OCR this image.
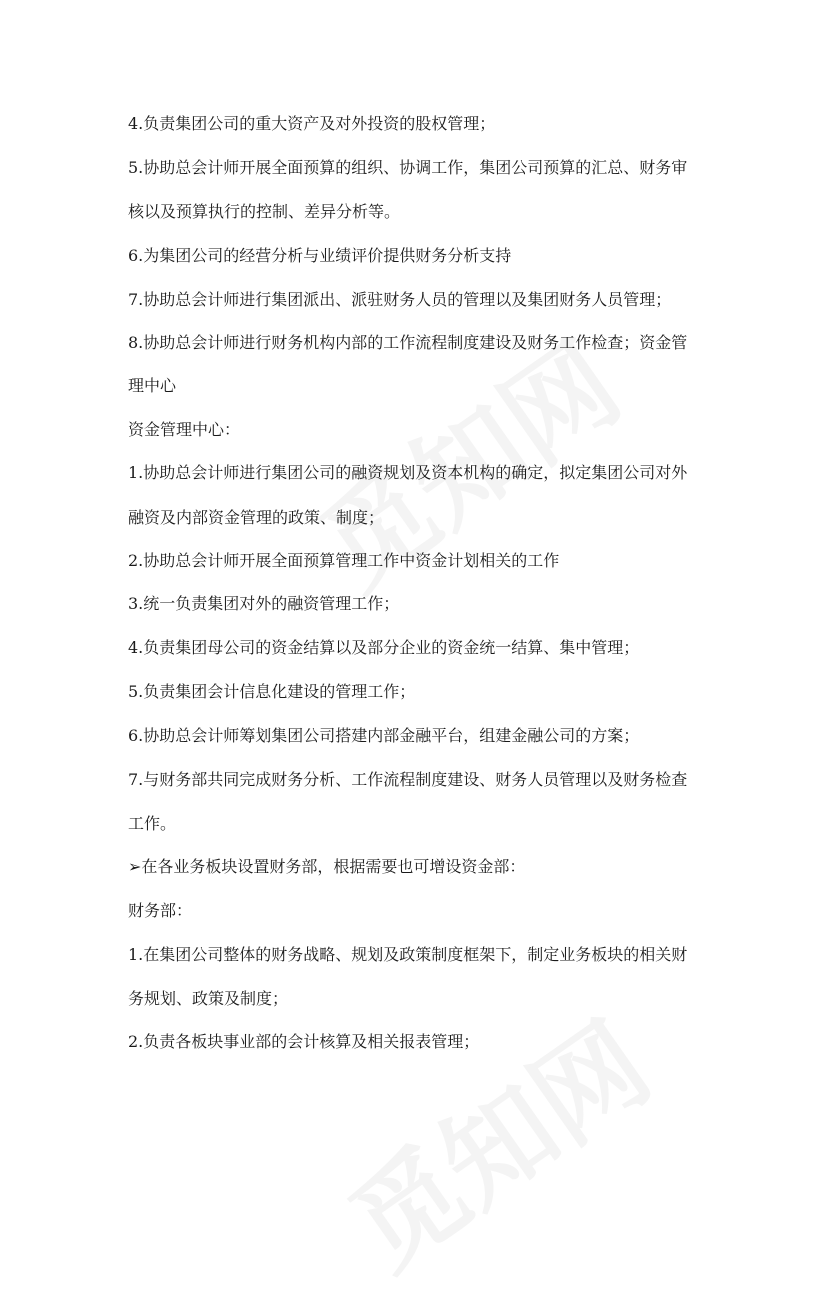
4.负责集团公司的重大资产及对外投资的股权管理；
5.协助总会计师开展全面预算的组织、协调工作，集团公司预算的汇总、财务审
核以及预算执行的控制、差异分析等。
6.为集团公司的经营分析与业绩评价提供财务分析支持
7.协助总会计师进行集团派出、派驻财务人员的管理以及集团财务人员管理；
8.协助总会计师进行财务机构内部的工作流程制度建设及财务工作检查；资金管
理中心
资金管理中心：
1.协助总会计师进行集团公司的融资规划及资本机构的确定，拟定集团公司对外
融资及内部资金管理的政策、制度；
2.协助总会计师开展全面预算管理工作中资金计划相关的工作
3.统一负责集团对外的融资管理工作；
4.负责集团母公司的资金结算以及部分企业的资金统一结算、集中管理；
5.负责集团会计信息化建设的管理工作；
6.协助总会计师筹划集团公司搭建内部金融平台，组建金融公司的方案；
7.与财务部共同完成财务分析、工作流程制度建设、财务人员管理以及财务检查
工作。
➢在各业务板块设置财务部，根据需要也可增设资金部：
财务部：
1.在集团公司整体的财务战略、规划及政策制度框架下，制定业务板块的相关财
务规划、政策及制度；
2.负责各板块事业部的会计核算及相关报表管理；
